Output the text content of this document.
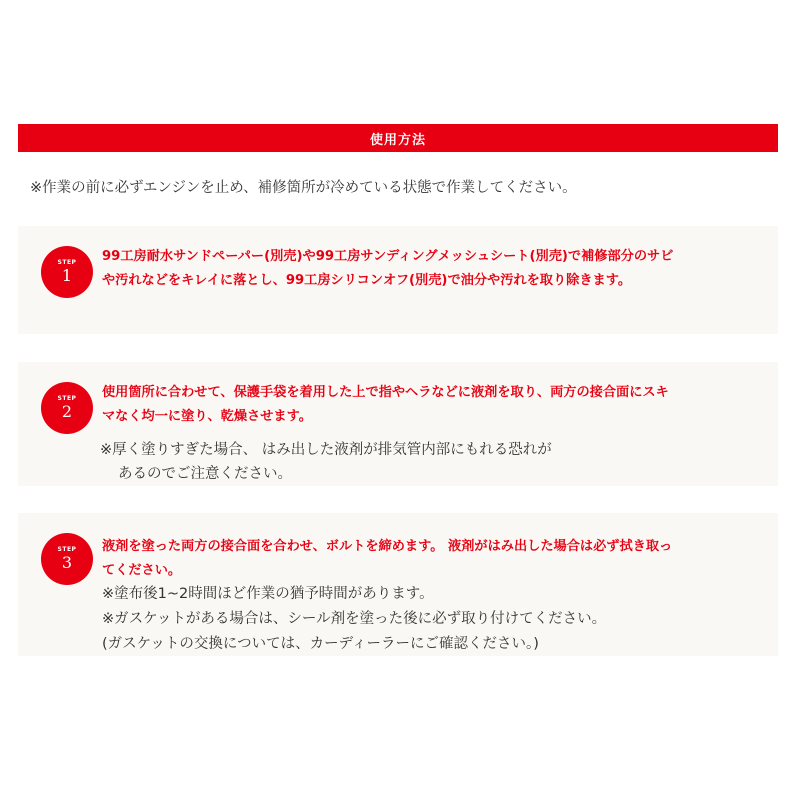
使用方法
※作業の前に必ずエンジンを止め、補修箇所が冷めている状態で作業してください。
STEP
1
99工房耐水サンドペーパー(別売)や99工房サンディングメッシュシート(別売)で補修部分のサビ
や汚れなどをキレイに落とし、99工房シリコンオフ(別売)で油分や汚れを取り除きます。
STEP
2
使用箇所に合わせて、保護手袋を着用した上で指やヘラなどに液剤を取り、両方の接合面にスキ
マなく均一に塗り、乾燥させます。
※厚く塗りすぎた場合、 はみ出した液剤が排気管内部にもれる恐れが
あるのでご注意ください。
STEP
3
液剤を塗った両方の接合面を合わせ、ボルトを締めます。 液剤がはみ出した場合は必ず拭き取っ
てください。
※塗布後1~2時間ほど作業の猶予時間があります。
※ガスケットがある場合は、シール剤を塗った後に必ず取り付けてください。
(ガスケットの交換については、カーディーラーにご確認ください。)
